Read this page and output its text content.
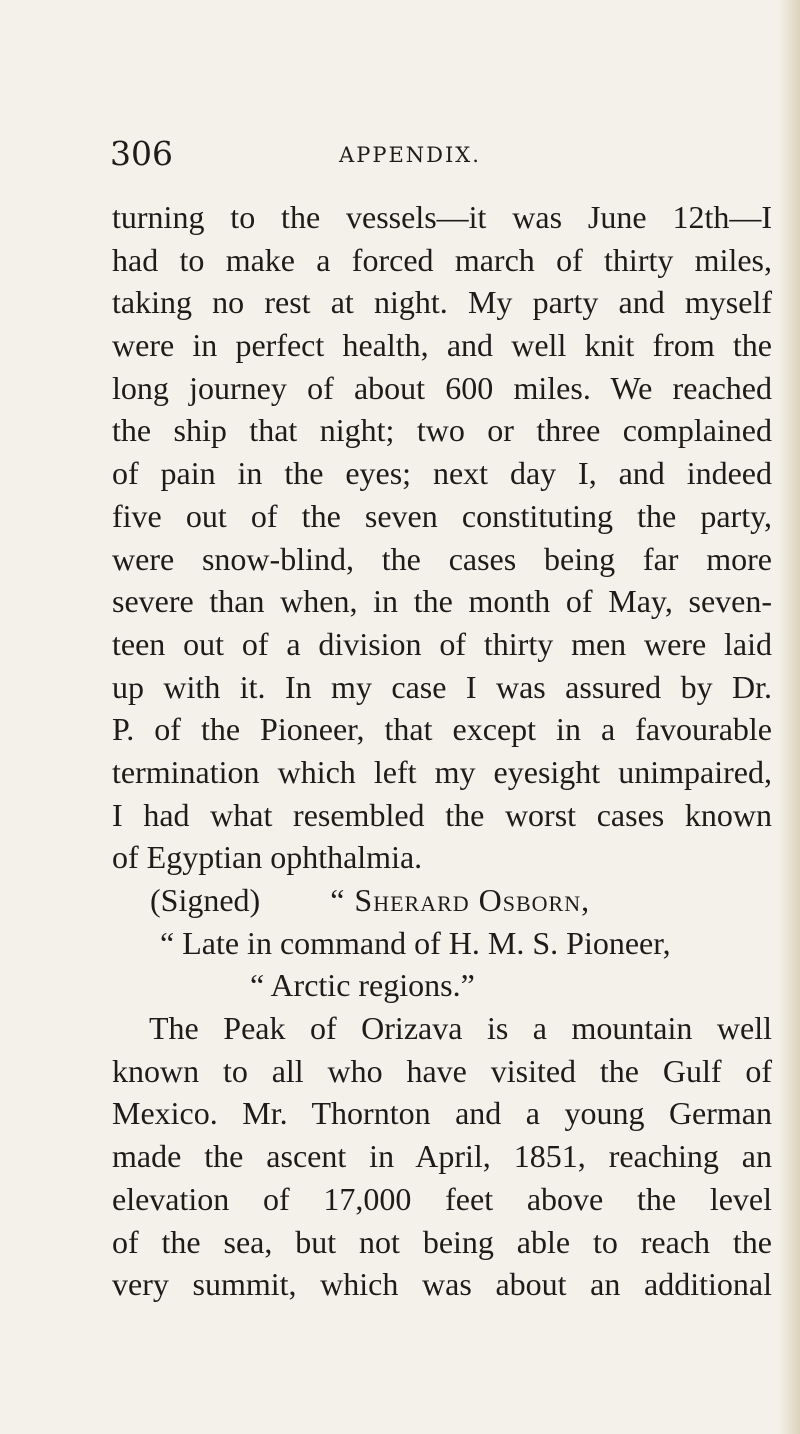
306	APPENDIX.

turning to the vessels—it was June 12th—I
had to make a forced march of thirty miles,
taking no rest at night. My party and myself
were in perfect health, and well knit from the
long journey of about 600 miles. We reached
the ship that night; two or three complained
of pain in the eyes; next day I, and indeed
five out of the seven constituting the party,
were snow-blind, the cases being far more
severe than when, in the month of May, seven-
teen out of a division of thirty men were laid
up with it. In my case I was assured by Dr.
P. of the Pioneer, that except in a favourable
termination which left my eyesight unimpaired,
I had what resembled the worst cases known
of Egyptian ophthalmia.
(Signed) “ Sherard Osborn,
“ Late in command of H. M. S. Pioneer,
“ Arctic regions.”
The Peak of Orizava is a mountain well
known to all who have visited the Gulf of
Mexico. Mr. Thornton and a young German
made the ascent in April, 1851, reaching an
elevation of 17,000 feet above the level
of the sea, but not being able to reach the
very summit, which was about an additional
